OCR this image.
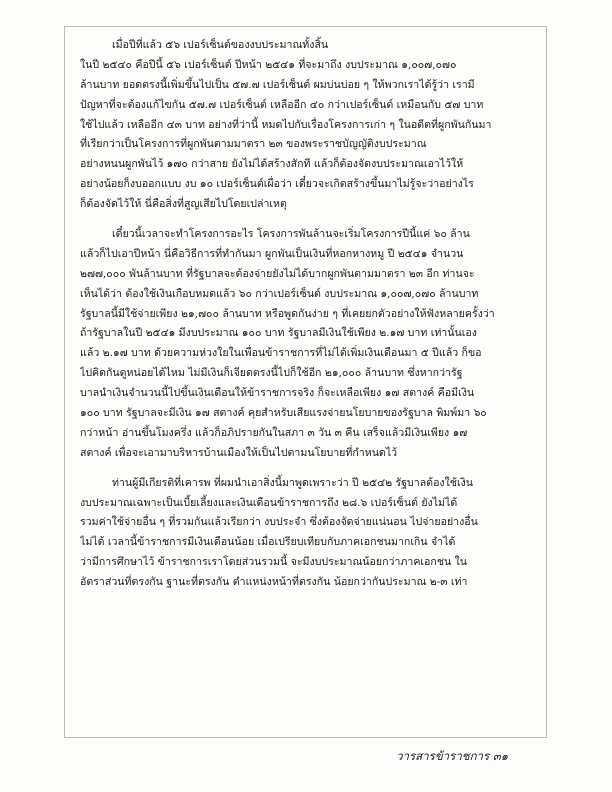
เมื่อปีที่แล้ว ๕๖ เปอร์เซ็นต์ของงบประมาณทั้งสิ้น
ในปี ๒๕๔๐ คือปีนี้ ๕๖ เปอร์เซ็นต์ ปีหน้า ๒๕๔๑ ที่จะมาถึง งบประมาณ ๑,๐๐๗,๐๗๐
ล้านบาท ยอดตรงนี้เพิ่มขึ้นไปเป็น ๕๗.๗ เปอร์เซ็นต์ ผมบ่นบ่อย ๆ ให้พวกเราได้รู้ว่า เรามี
ปัญหาที่จะต้องแก้ไขกัน ๕๗.๗ เปอร์เซ็นต์ เหลืออีก ๔๐ กว่าเปอร์เซ็นต์ เหมือนกับ ๕๗ บาท
ใช้ไปแล้ว เหลืออีก ๔๓ บาท อย่างที่ว่านี้ หมดไปกับเรื่องโครงการเก่า ๆ ในอดีตที่ผูกพันกันมา
ที่เรียกว่าเป็นโครงการที่ผูกพันตามมาตรา ๒๓ ของพระราชบัญญัติงบประมาณ
อย่างหนนผูกพันไว้ ๑๗๐ กว่าสาย ยังไม่ได้สร้างสักที แล้วก็ต้องจัดงบประมาณเอาไว้ให้
อย่างน้อยก็งบออกแบบ งบ ๑๐ เปอร์เซ็นต์เผื่อว่า เดี๋ยวจะเกิดสร้างขึ้นมาไม่รู้จะว่าอย่างไร
ก็ต้องจัดไว้ให้ นี่คือสิ่งที่สูญเสียไปโดยเปล่าเหตุ
เดี๋ยวนี้เวลาจะทำโครงการอะไร โครงการพันล้านจะเริ่มโครงการปีนี้แค่ ๖๐ ล้าน
แล้วก็ไปเอาปีหน้า นี่คือวิธีการที่ทำกันมา ผูกพันเป็นเงินที่หอกหางหมู ปี ๒๕๔๑ จำนวน
๒๗๗,๐๐๐ พันล้านบาท ที่รัฐบาลจะต้องจ่ายยังไม่ได้บากผูกพันตามมาตรา ๒๓ อีก ท่านจะ
เห็นได้ว่า ต้องใช้เงินเกือบหมดแล้ว ๖๐ กว่าเปอร์เซ็นต์ งบประมาณ ๑,๐๐๗,๐๗๐ ล้านบาท
รัฐบาลนี้มีใช้จ่ายเพียง ๒๑,๗๐๐ ล้านบาท หรือพูดกันง่าย ๆ ที่เคยยกตัวอย่างให้ฟังหลายครั้งว่า
ถ้ารัฐบาลในปี ๒๕๔๑ มีงบประมาณ ๑๐๐ บาท รัฐบาลมีเงินใช้เพียง ๒.๑๗ บาท เท่านั้นเอง
แล้ว ๒.๑๗ บาท ด้วยความห่วงใยในเพื่อนข้าราชการที่ไม่ได้เพิ่มเงินเดือนมา ๕ ปีแล้ว ก็ขอ
ไปคิดกันดูหน่อยได้ไหม ไม่มีเงินก็เจียดตรงนี้ไปก็ใช้อีก ๒๑,๐๐๐ ล้านบาท ซึ่งหากว่ารัฐ
บาลนำเงินจำนวนนี้ไปขึ้นเงินเดือนให้ข้าราชการจริง ก็จะเหลือเพียง ๑๗ สตางค์ คือมีเงิน
๑๐๐ บาท รัฐบาลจะมีเงิน ๑๗ สตางค์ คุยสำหรับเสียแรงจ่ายนโยบายของรัฐบาล พิมพ์มา ๖๐
กว่าหน้า อ่านขึ้นโมงครึ่ง แล้วก็อภิปรายกันในสภา ๓ วัน ๓ คืน เสร็จแล้วมีเงินเพียง ๑๗
สตางค์ เพื่อจะเอามาบริหารบ้านเมืองให้เป็นไปตามนโยบายที่กำหนดไว้
ท่านผู้มีเกียรติที่เคารพ ที่ผมนำเอาสิ่งนี้มาพูดเพราะว่า ปี ๒๕๔๒ รัฐบาลต้องใช้เงิน
งบประมาณเฉพาะเป็นเบี้ยเลี้ยงและเงินเดือนข้าราชการถึง ๒๘.๖ เปอร์เซ็นต์ ยังไม่ได้
รวมค่าใช้จ่ายอื่น ๆ ที่รวมกันแล้วเรียกว่า งบประจำ ซึ่งต้องจัดจ่ายแน่นอน ไปจ่ายอย่างอื่น
ไม่ได้ เวลานี้ข้าราชการมีเงินเดือนน้อย เมื่อเปรียบเทียบกับภาคเอกชนมากเกิน จำได้
ว่ามีการศึกษาไว้ ข้าราชการเราโดยส่วนรวมนี้ จะมีงบประมาณน้อยกว่าภาคเอกชน ใน
อัตราส่วนที่ตรงกัน ฐานะที่ตรงกัน ตำแหน่งหน้าที่ตรงกัน น้อยกว่ากันประมาณ ๒-๓ เท่า
วารสารข้าราชการ ๓๑
